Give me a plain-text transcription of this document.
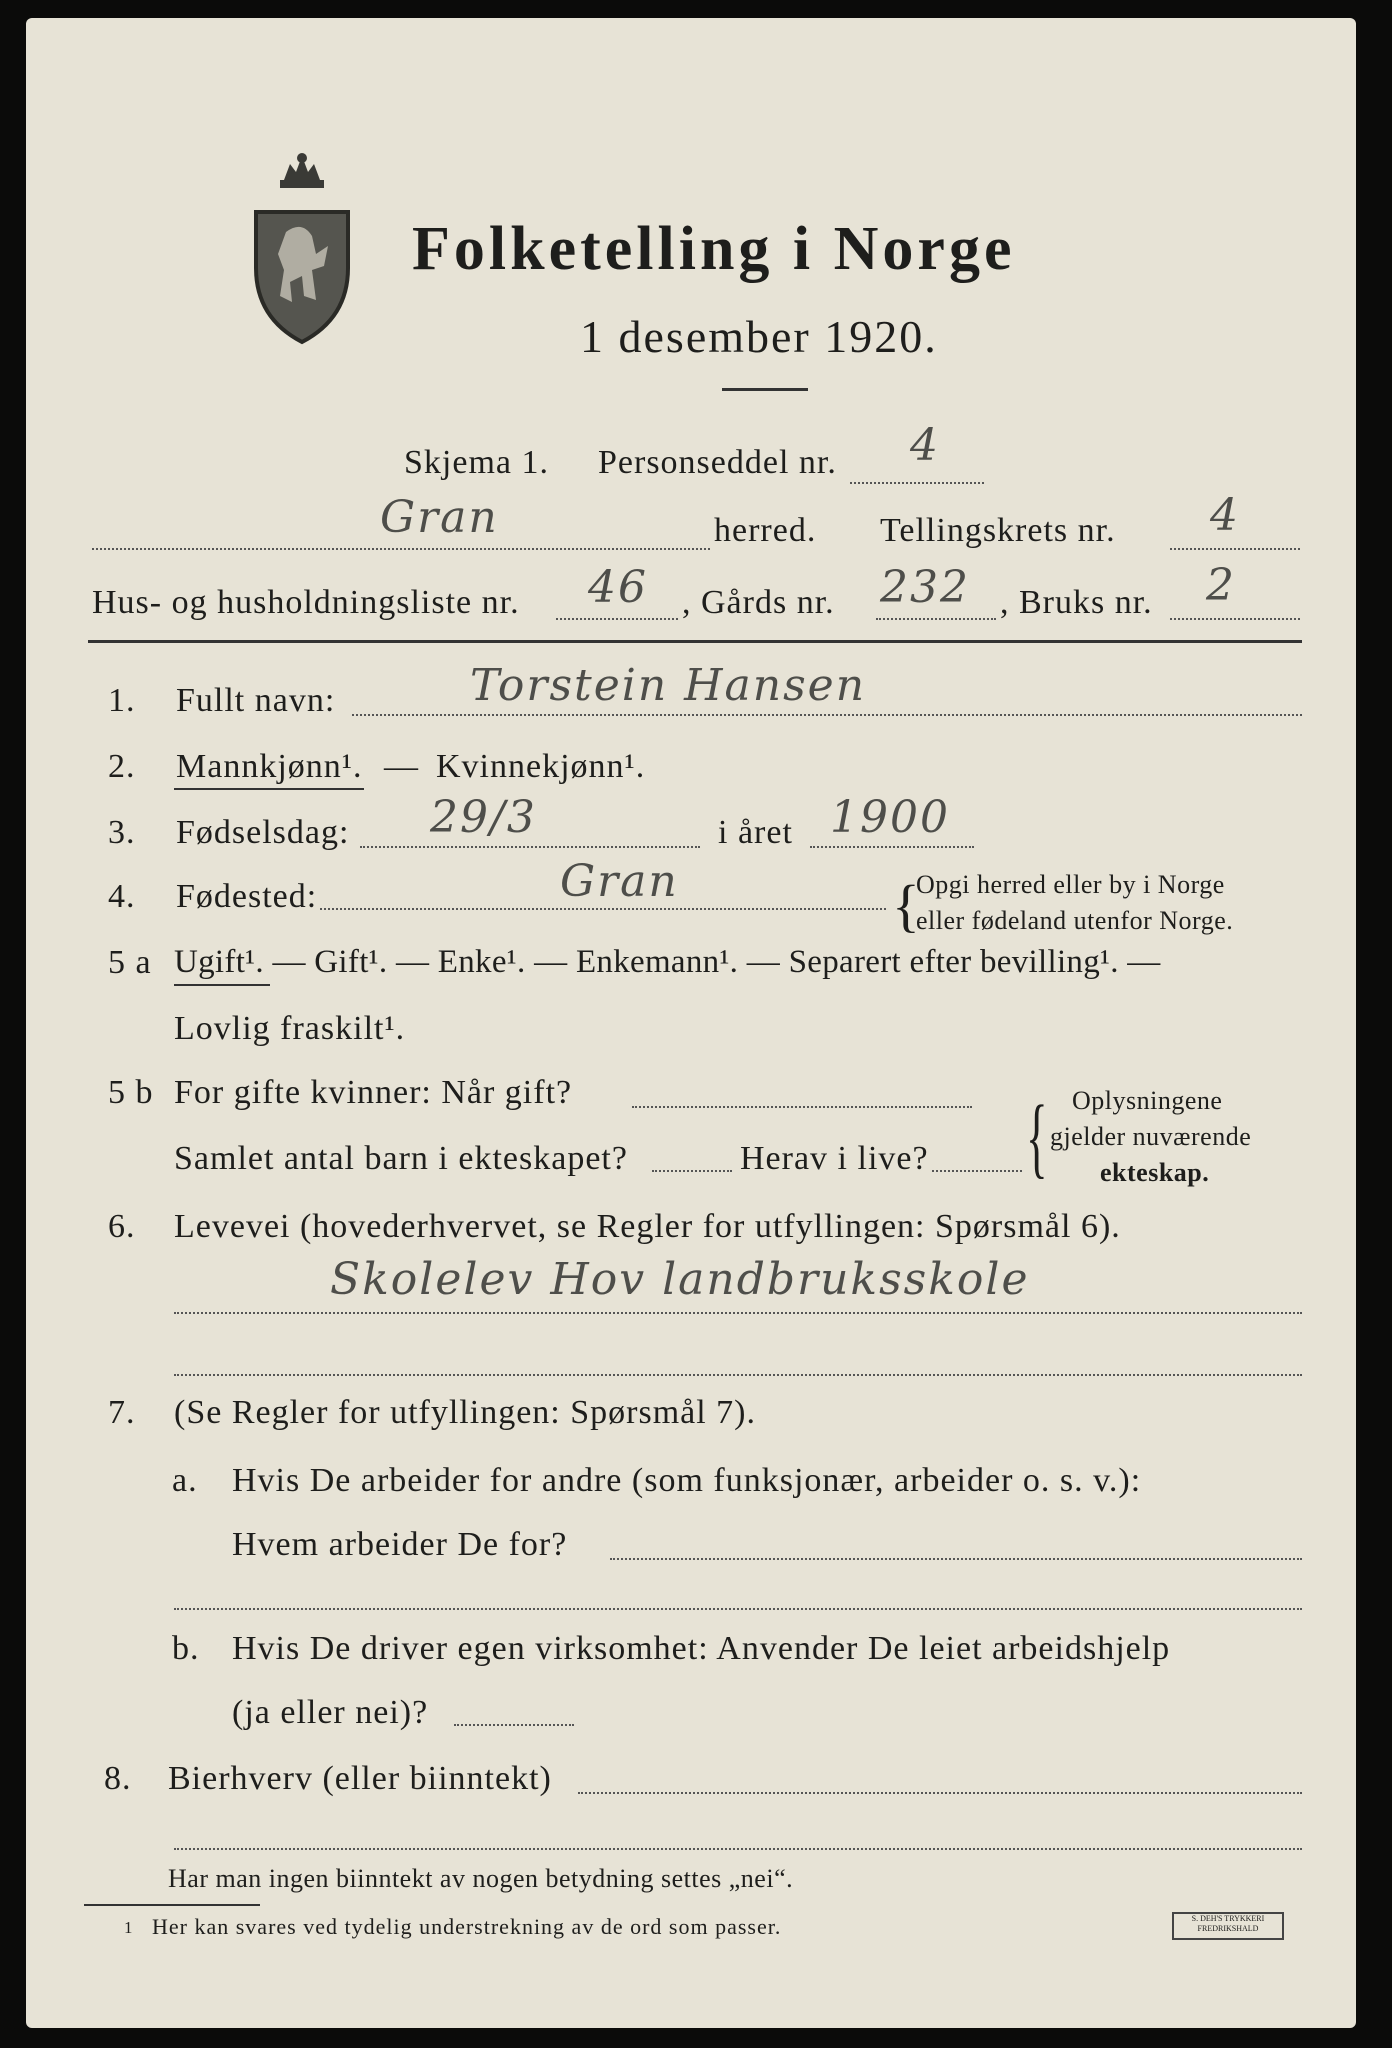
Folketelling i Norge
1 desember 1920.
Skjema 1. Personseddel nr. 4
Gran	herred. Tellingskrets nr. 4
Hus- og husholdningsliste nr. 46 , Gårds nr. 232 , Bruks nr. 2
1. Fullt navn:	Torstein Hansen
2. Mannkjønn¹. — Kvinnekjønn¹.
3. Fødselsdag: 29/3	i året 1900
4. Fødested:	Gran	{
Opgi herred eller by i Norge
eller fødeland utenfor Norge.
5 a Ugift¹. — Gift¹. — Enke¹. — Enkemann¹. — Separert efter bevilling¹. —
Lovlig fraskilt¹.
5 b For gifte kvinner: Når gift?
Samlet antal barn i ekteskapet?	Herav i live? { Oplysningene
gjelder nuværende
ekteskap.
6. Levevei (hovederhvervet, se Regler for utfyllingen: Spørsmål 6).
Skolelev Hov landbruksskole
7. (Se Regler for utfyllingen: Spørsmål 7).
a. Hvis De arbeider for andre (som funksjonær, arbeider o. s. v.):
Hvem arbeider De for?
b. Hvis De driver egen virksomhet: Anvender De leiet arbeidshjelp
(ja eller nei)?
8. Bierhverv (eller biinntekt)
Har man ingen biinntekt av nogen betydning settes „nei“.
1 Her kan svares ved tydelig understrekning av de ord som passer.	S. DEH'S TRYKKERI FREDRIKSHALD
